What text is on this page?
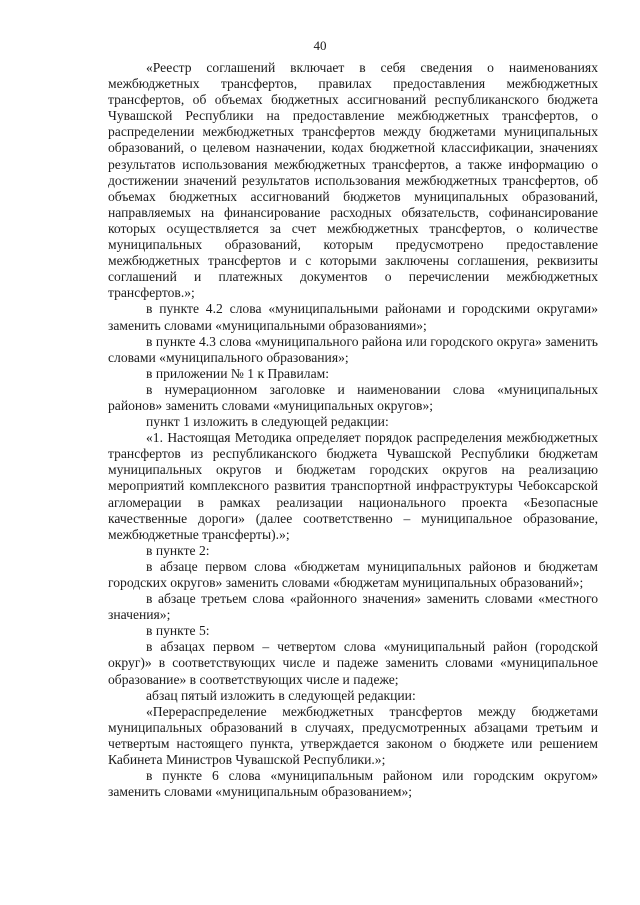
40

«Реестр соглашений включает в себя сведения о наименованиях межбюджетных трансфертов, правилах предоставления межбюджетных трансфертов, об объемах бюджетных ассигнований республиканского бюджета Чувашской Республики на предоставление межбюджетных трансфертов, о распределении межбюджетных трансфертов между бюджетами муниципальных образований, о целевом назначении, кодах бюджетной классификации, значениях результатов использования межбюджетных трансфертов, а также информацию о достижении значений результатов использования межбюджетных трансфертов, об объемах бюджетных ассигнований бюджетов муниципальных образований, направляемых на финансирование расходных обязательств, софинансирование которых осуществляется за счет межбюджетных трансфертов, о количестве муниципальных образований, которым предусмотрено предоставление межбюджетных трансфертов и с которыми заключены соглашения, реквизиты соглашений и платежных документов о перечислении межбюджетных трансфертов.»;

в пункте 4.2 слова «муниципальными районами и городскими округами» заменить словами «муниципальными образованиями»;

в пункте 4.3 слова «муниципального района или городского округа» заменить словами «муниципального образования»;

в приложении № 1 к Правилам:

в нумерационном заголовке и наименовании слова «муниципальных районов» заменить словами «муниципальных округов»;

пункт 1 изложить в следующей редакции:

«1. Настоящая Методика определяет порядок распределения межбюджетных трансфертов из республиканского бюджета Чувашской Республики бюджетам муниципальных округов и бюджетам городских округов на реализацию мероприятий комплексного развития транспортной инфраструктуры Чебоксарской агломерации в рамках реализации национального проекта «Безопасные качественные дороги» (далее соответственно – муниципальное образование, межбюджетные трансферты).»;

в пункте 2:

в абзаце первом слова «бюджетам муниципальных районов и бюджетам городских округов» заменить словами «бюджетам муниципальных образований»;

в абзаце третьем слова «районного значения» заменить словами «местного значения»;

в пункте 5:

в абзацах первом – четвертом слова «муниципальный район (городской округ)» в соответствующих числе и падеже заменить словами «муниципальное образование» в соответствующих числе и падеже;

абзац пятый изложить в следующей редакции:

«Перераспределение межбюджетных трансфертов между бюджетами муниципальных образований в случаях, предусмотренных абзацами третьим и четвертым настоящего пункта, утверждается законом о бюджете или решением Кабинета Министров Чувашской Республики.»;

в пункте 6 слова «муниципальным районом или городским округом» заменить словами «муниципальным образованием»;
